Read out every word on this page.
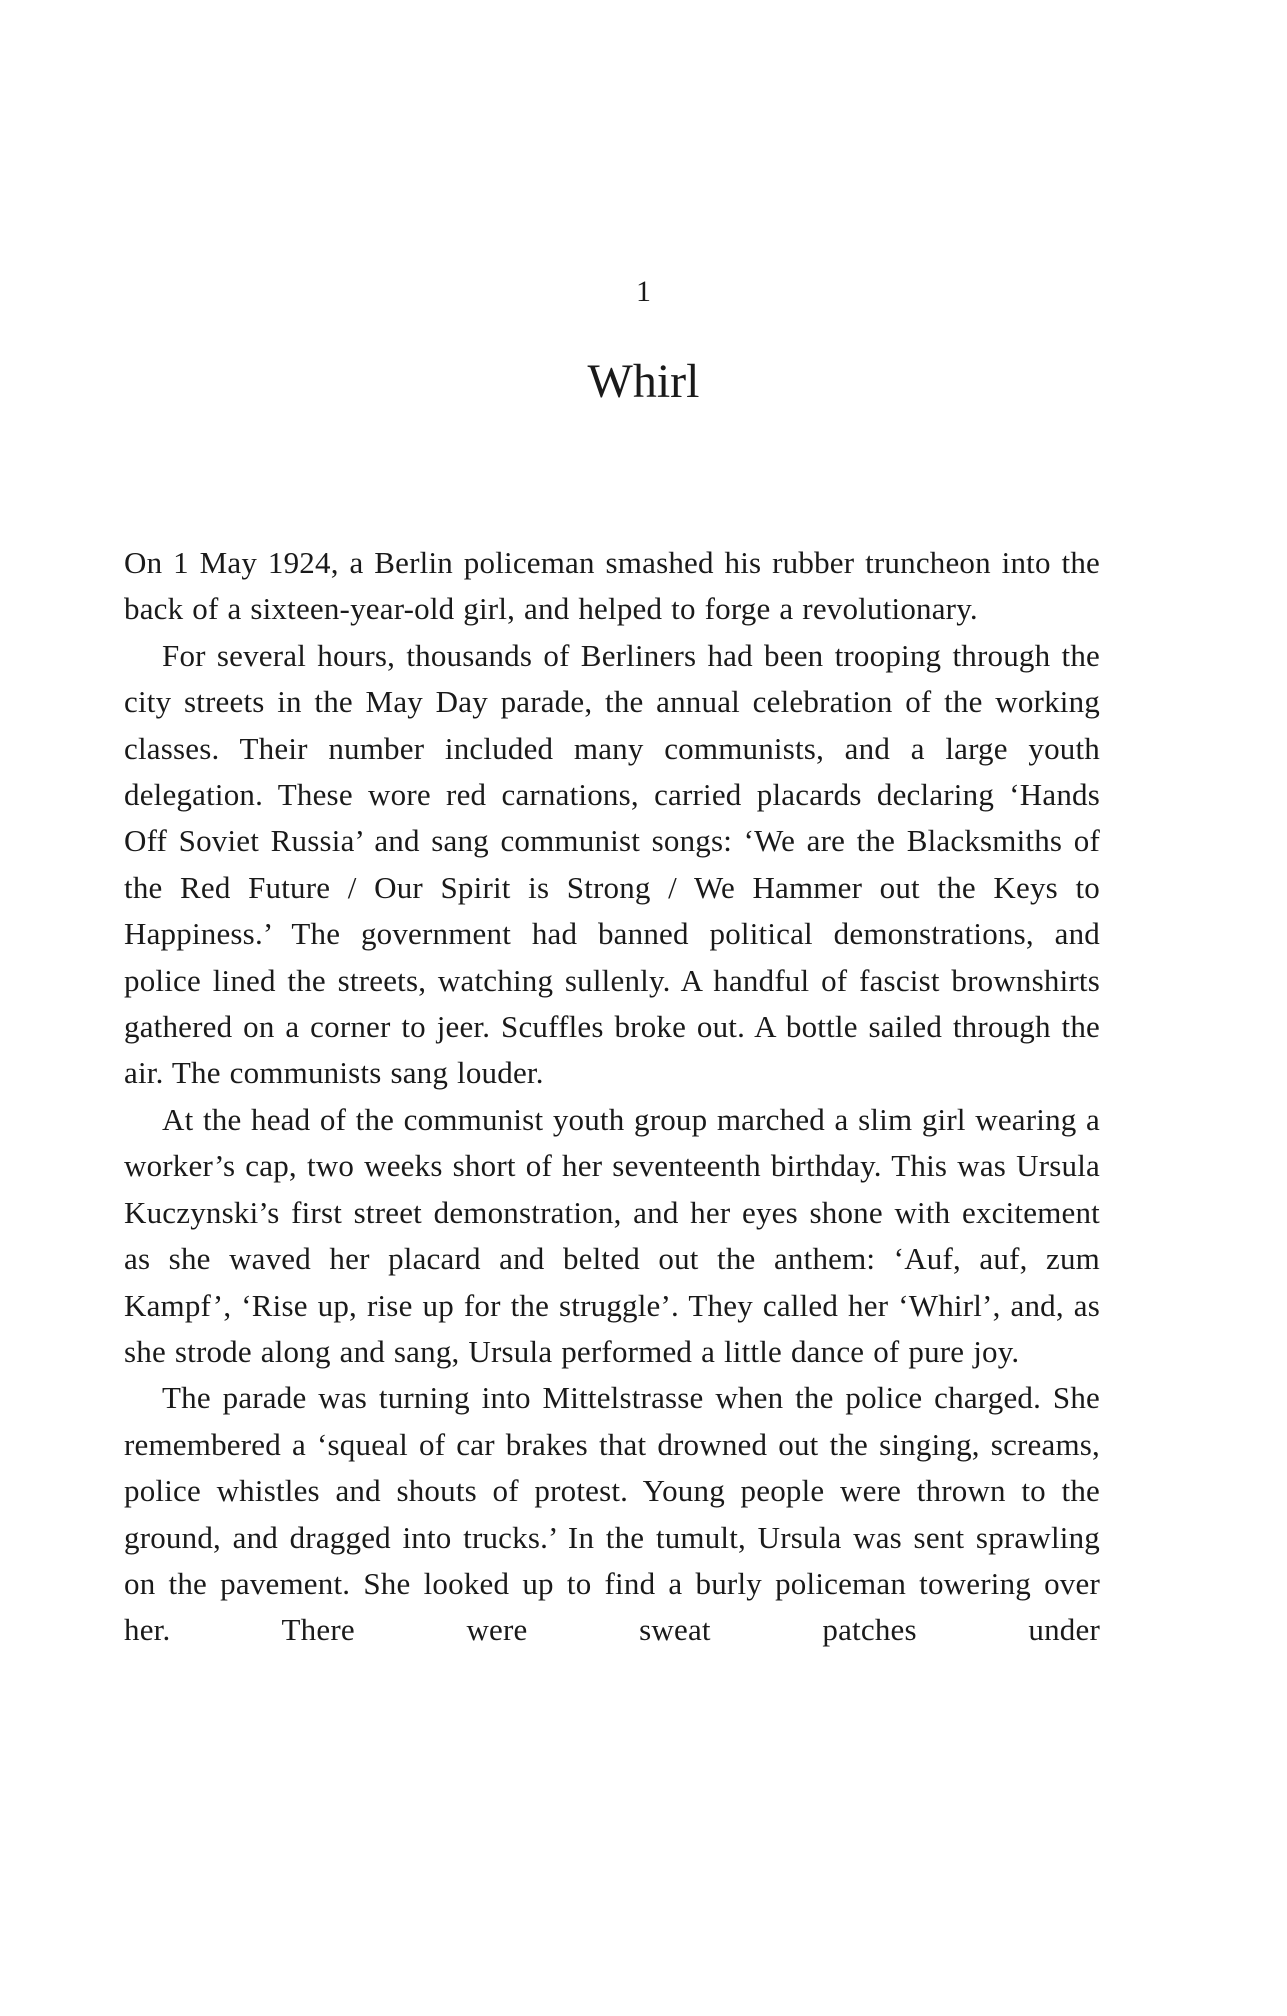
1
Whirl

On 1 May 1924, a Berlin policeman smashed his rubber truncheon into the back of a sixteen-year-old girl, and helped to forge a revolutionary.

For several hours, thousands of Berliners had been trooping through the city streets in the May Day parade, the annual celebration of the working classes. Their number included many communists, and a large youth delegation. These wore red carnations, carried placards declaring ‘Hands Off Soviet Russia’ and sang communist songs: ‘We are the Blacksmiths of the Red Future / Our Spirit is Strong / We Hammer out the Keys to Happiness.’ The government had banned political demonstrations, and police lined the streets, watching sullenly. A handful of fascist brownshirts gathered on a corner to jeer. Scuffles broke out. A bottle sailed through the air. The communists sang louder.

At the head of the communist youth group marched a slim girl wearing a worker’s cap, two weeks short of her seventeenth birthday. This was Ursula Kuczynski’s first street demonstration, and her eyes shone with excitement as she waved her placard and belted out the anthem: ‘Auf, auf, zum Kampf’, ‘Rise up, rise up for the struggle’. They called her ‘Whirl’, and, as she strode along and sang, Ursula performed a little dance of pure joy.

The parade was turning into Mittelstrasse when the police charged. She remembered a ‘squeal of car brakes that drowned out the singing, screams, police whistles and shouts of protest. Young people were thrown to the ground, and dragged into trucks.’ In the tumult, Ursula was sent sprawling on the pavement. She looked up to find a burly policeman towering over her. There were sweat patches under
